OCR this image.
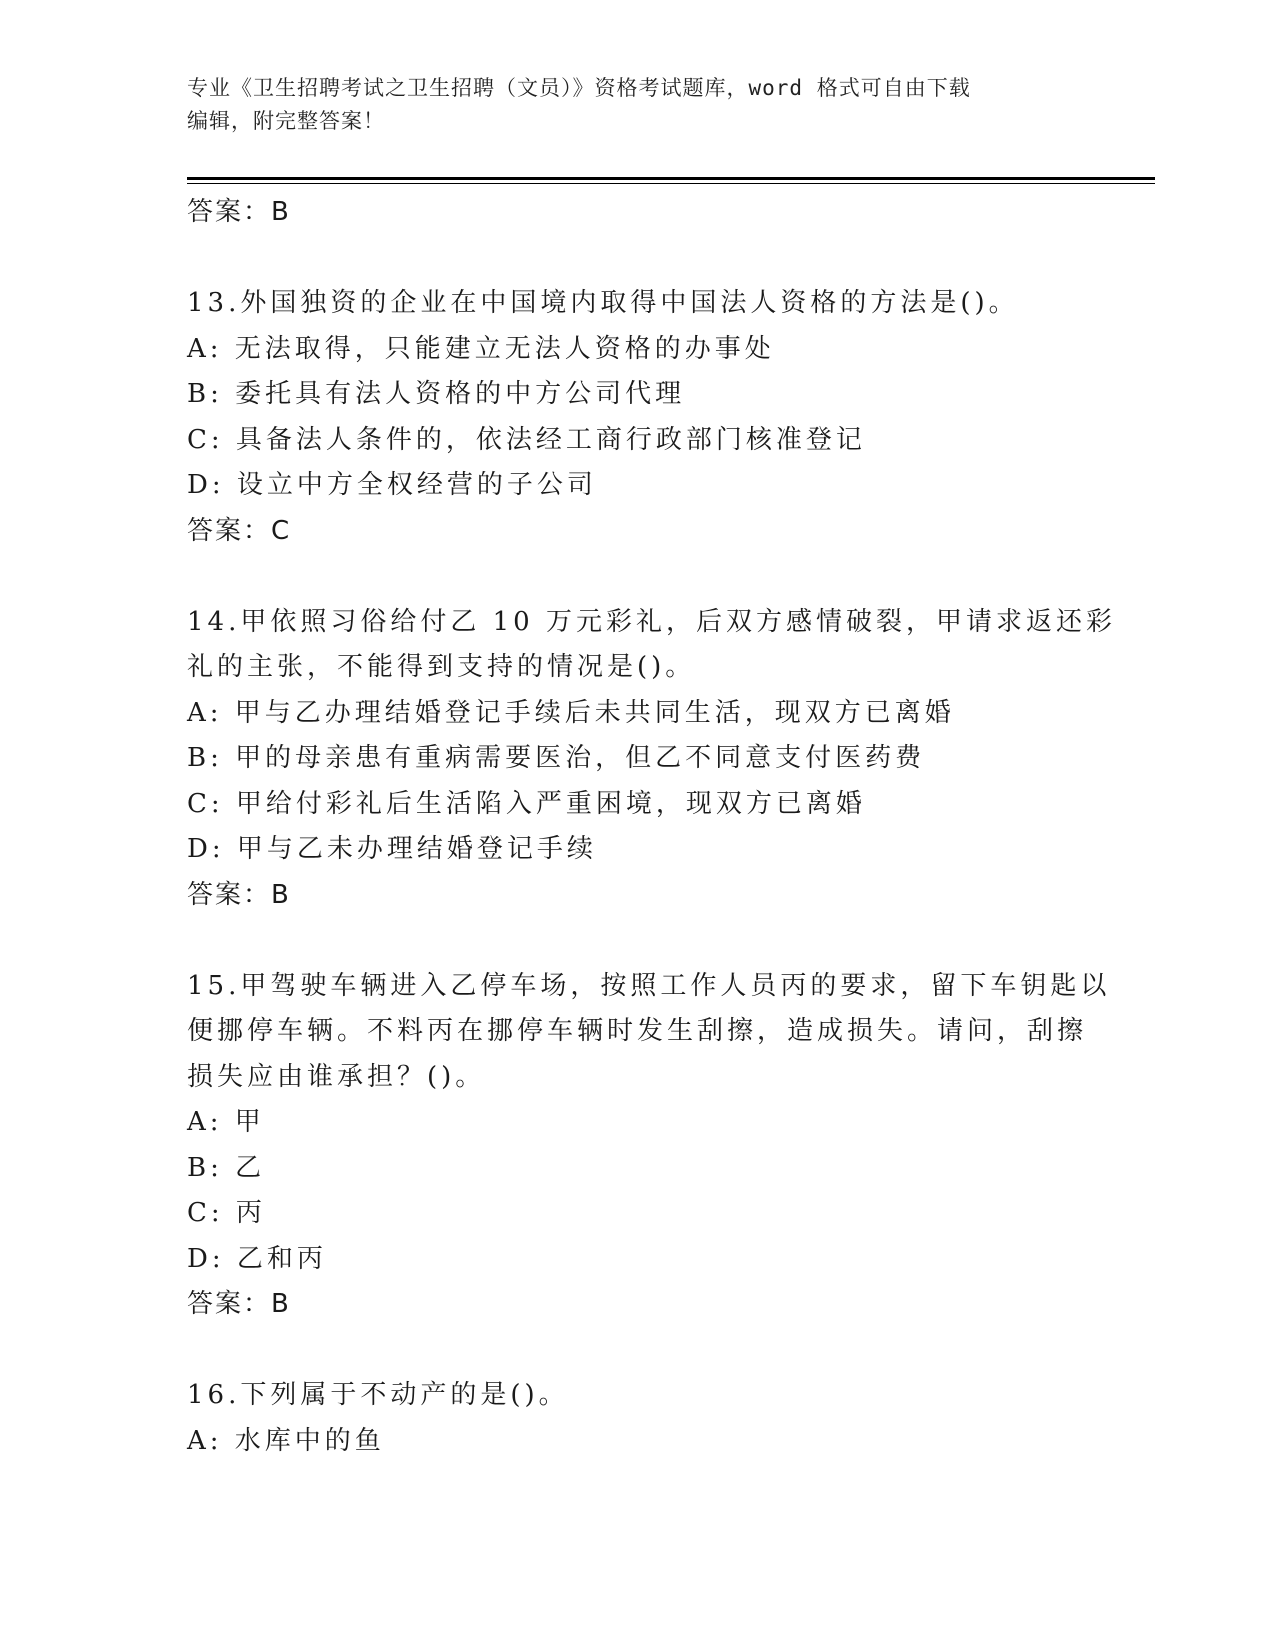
专业《卫生招聘考试之卫生招聘（文员）》资格考试题库，word 格式可自由下载
编辑，附完整答案！
答案：B
13.外国独资的企业在中国境内取得中国法人资格的方法是()。
A: 无法取得，只能建立无法人资格的办事处
B: 委托具有法人资格的中方公司代理
C: 具备法人条件的，依法经工商行政部门核准登记
D: 设立中方全权经营的子公司
答案：C
14.甲依照习俗给付乙 10 万元彩礼，后双方感情破裂，甲请求返还彩
礼的主张，不能得到支持的情况是()。
A: 甲与乙办理结婚登记手续后未共同生活，现双方已离婚
B: 甲的母亲患有重病需要医治，但乙不同意支付医药费
C: 甲给付彩礼后生活陷入严重困境，现双方已离婚
D: 甲与乙未办理结婚登记手续
答案：B
15.甲驾驶车辆进入乙停车场，按照工作人员丙的要求，留下车钥匙以
便挪停车辆。不料丙在挪停车辆时发生刮擦，造成损失。请问，刮擦
损失应由谁承担？()。
A: 甲
B: 乙
C: 丙
D: 乙和丙
答案：B
16.下列属于不动产的是()。
A: 水库中的鱼
